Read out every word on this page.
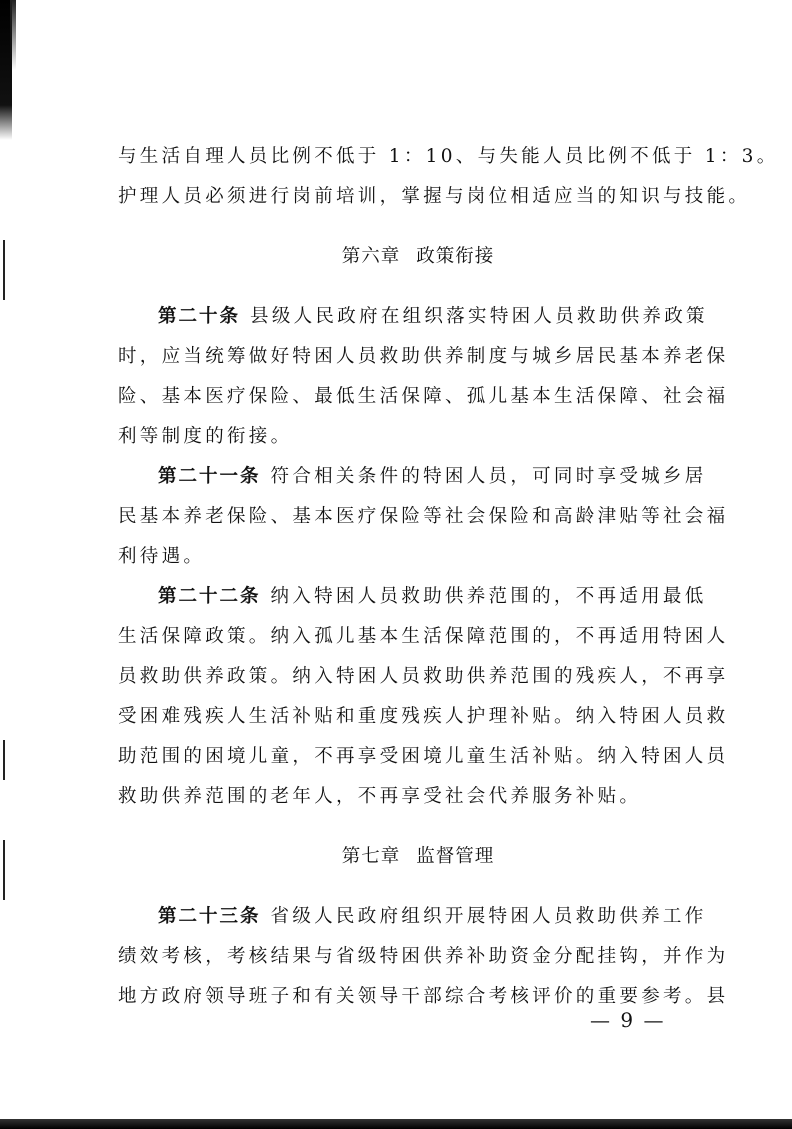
与生活自理人员比例不低于 1：10、与失能人员比例不低于 1：3。
护理人员必须进行岗前培训，掌握与岗位相适应当的知识与技能。
第六章 政策衔接
第二十条 县级人民政府在组织落实特困人员救助供养政策
时，应当统筹做好特困人员救助供养制度与城乡居民基本养老保
险、基本医疗保险、最低生活保障、孤儿基本生活保障、社会福
利等制度的衔接。
第二十一条 符合相关条件的特困人员，可同时享受城乡居
民基本养老保险、基本医疗保险等社会保险和高龄津贴等社会福
利待遇。
第二十二条 纳入特困人员救助供养范围的，不再适用最低
生活保障政策。纳入孤儿基本生活保障范围的，不再适用特困人
员救助供养政策。纳入特困人员救助供养范围的残疾人，不再享
受困难残疾人生活补贴和重度残疾人护理补贴。纳入特困人员救
助范围的困境儿童，不再享受困境儿童生活补贴。纳入特困人员
救助供养范围的老年人，不再享受社会代养服务补贴。
第七章 监督管理
第二十三条 省级人民政府组织开展特困人员救助供养工作
绩效考核，考核结果与省级特困供养补助资金分配挂钩，并作为
地方政府领导班子和有关领导干部综合考核评价的重要参考。县
— 9 —
